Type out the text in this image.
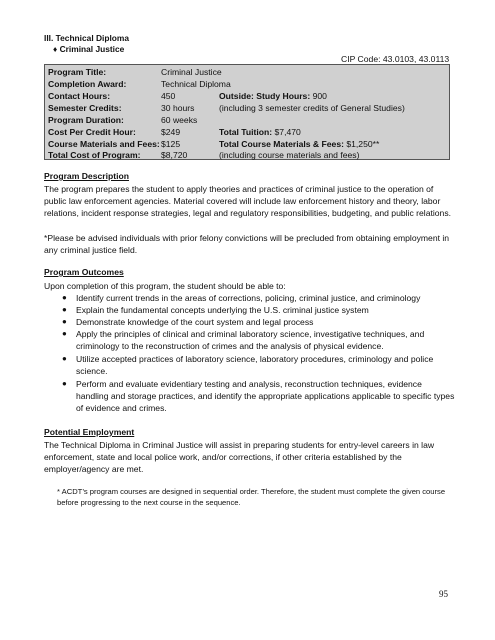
III. Technical Diploma
♦ Criminal Justice
CIP Code: 43.0103, 43.0113
Program Title:	Criminal Justice
Completion Award:	Technical Diploma
Contact Hours:	450	Outside: Study Hours: 900
Semester Credits:	30 hours	(including 3 semester credits of General Studies)
Program Duration:	60 weeks
Cost Per Credit Hour:	$249	Total Tuition: $7,470
Course Materials and Fees: $125	Total Course Materials & Fees: $1,250**
Total Cost of Program: $8,720	(including course materials and fees)
Program Description
The program prepares the student to apply theories and practices of criminal justice to the operation of public law enforcement agencies. Material covered will include law enforcement history and theory, labor relations, incident response strategies, legal and regulatory responsibilities, budgeting, and public relations.
*Please be advised individuals with prior felony convictions will be precluded from obtaining employment in any criminal justice field.
Program Outcomes
Upon completion of this program, the student should be able to:
● Identify current trends in the areas of corrections, policing, criminal justice, and criminology
● Explain the fundamental concepts underlying the U.S. criminal justice system
● Demonstrate knowledge of the court system and legal process
● Apply the principles of clinical and criminal laboratory science, investigative techniques, and criminology to the reconstruction of crimes and the analysis of physical evidence.
● Utilize accepted practices of laboratory science, laboratory procedures, criminology and police science.
● Perform and evaluate evidentiary testing and analysis, reconstruction techniques, evidence handling and storage practices, and identify the appropriate applications applicable to specific types of evidence and crimes.
Potential Employment
The Technical Diploma in Criminal Justice will assist in preparing students for entry-level careers in law enforcement, state and local police work, and/or corrections, if other criteria established by the employer/agency are met.
* ACDT’s program courses are designed in sequential order. Therefore, the student must complete the given course before progressing to the next course in the sequence.
95
